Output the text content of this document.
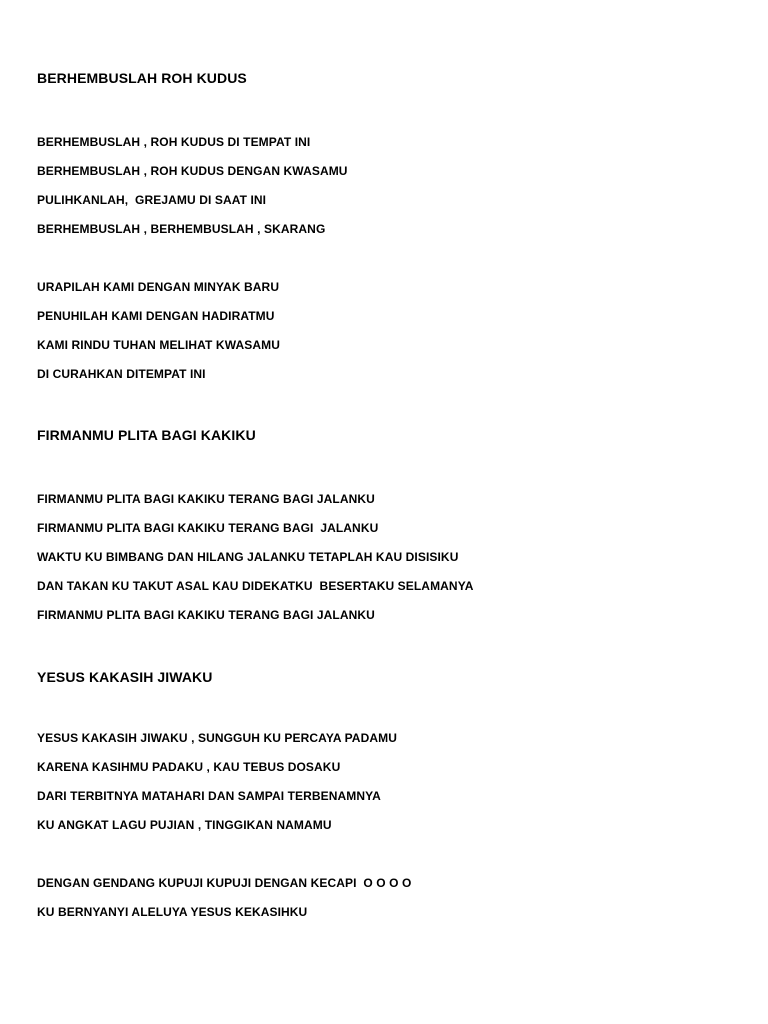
BERHEMBUSLAH ROH KUDUS
BERHEMBUSLAH , ROH KUDUS DI TEMPAT INI
BERHEMBUSLAH , ROH KUDUS DENGAN KWASAMU
PULIHKANLAH,  GREJAMU DI SAAT INI
BERHEMBUSLAH , BERHEMBUSLAH , SKARANG
URAPILAH KAMI DENGAN MINYAK BARU
PENUHILAH KAMI DENGAN HADIRATMU
KAMI RINDU TUHAN MELIHAT KWASAMU
DI CURAHKAN DITEMPAT INI
FIRMANMU PLITA BAGI KAKIKU
FIRMANMU PLITA BAGI KAKIKU TERANG BAGI JALANKU
FIRMANMU PLITA BAGI KAKIKU TERANG BAGI  JALANKU
WAKTU KU BIMBANG DAN HILANG JALANKU TETAPLAH KAU DISISIKU
DAN TAKAN KU TAKUT ASAL KAU DIDEKATKU  BESERTAKU SELAMANYA
FIRMANMU PLITA BAGI KAKIKU TERANG BAGI JALANKU
YESUS KAKASIH JIWAKU
YESUS KAKASIH JIWAKU , SUNGGUH KU PERCAYA PADAMU
KARENA KASIHMU PADAKU , KAU TEBUS DOSAKU
DARI TERBITNYA MATAHARI DAN SAMPAI TERBENAMNYA
KU ANGKAT LAGU PUJIAN , TINGGIKAN NAMAMU
DENGAN GENDANG KUPUJI KUPUJI DENGAN KECAPI  O O O O
KU BERNYANYI ALELUYA YESUS KEKASIHKU
